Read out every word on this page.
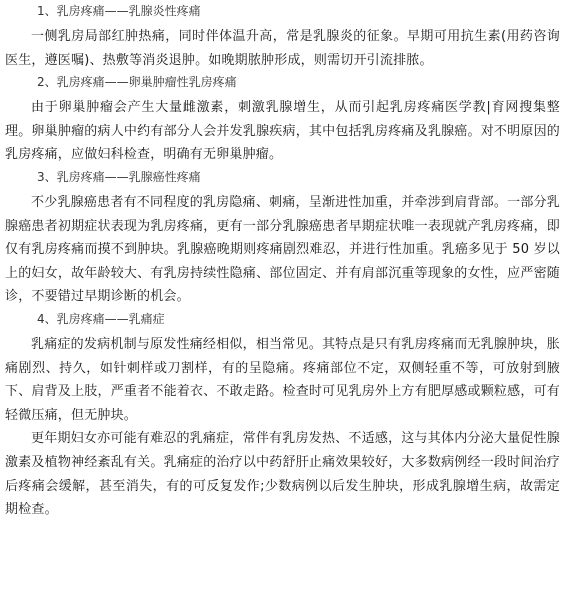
1、乳房疼痛——乳腺炎性疼痛

一侧乳房局部红肿热痛，同时伴体温升高，常是乳腺炎的征象。早期可用抗生素(用药咨询医生，遵医嘱)、热敷等消炎退肿。如晚期脓肿形成，则需切开引流排脓。

2、乳房疼痛——卵巢肿瘤性乳房疼痛

由于卵巢肿瘤会产生大量雌激素，刺激乳腺增生，从而引起乳房疼痛医学教|育网搜集整理。卵巢肿瘤的病人中约有部分人会并发乳腺疾病，其中包括乳房疼痛及乳腺癌。对不明原因的乳房疼痛，应做妇科检查，明确有无卵巢肿瘤。

3、乳房疼痛——乳腺癌性疼痛

不少乳腺癌患者有不同程度的乳房隐痛、刺痛，呈渐进性加重，并牵涉到肩背部。一部分乳腺癌患者初期症状表现为乳房疼痛，更有一部分乳腺癌患者早期症状唯一表现就产乳房疼痛，即仅有乳房疼痛而摸不到肿块。乳腺癌晚期则疼痛剧烈难忍，并进行性加重。乳癌多见于 50 岁以上的妇女，故年龄较大、有乳房持续性隐痛、部位固定、并有肩部沉重等现象的女性，应严密随诊，不要错过早期诊断的机会。

4、乳房疼痛——乳痛症

乳痛症的发病机制与原发性痛经相似，相当常见。其特点是只有乳房疼痛而无乳腺肿块，胀痛剧烈、持久，如针刺样或刀割样，有的呈隐痛。疼痛部位不定，双侧轻重不等，可放射到腋下、肩背及上肢，严重者不能着衣、不敢走路。检查时可见乳房外上方有肥厚感或颗粒感，可有轻微压痛，但无肿块。

更年期妇女亦可能有难忍的乳痛症，常伴有乳房发热、不适感，这与其体内分泌大量促性腺激素及植物神经紊乱有关。乳痛症的治疗以中药舒肝止痛效果较好，大多数病例经一段时间治疗后疼痛会缓解，甚至消失，有的可反复发作;少数病例以后发生肿块，形成乳腺增生病，故需定期检查。
